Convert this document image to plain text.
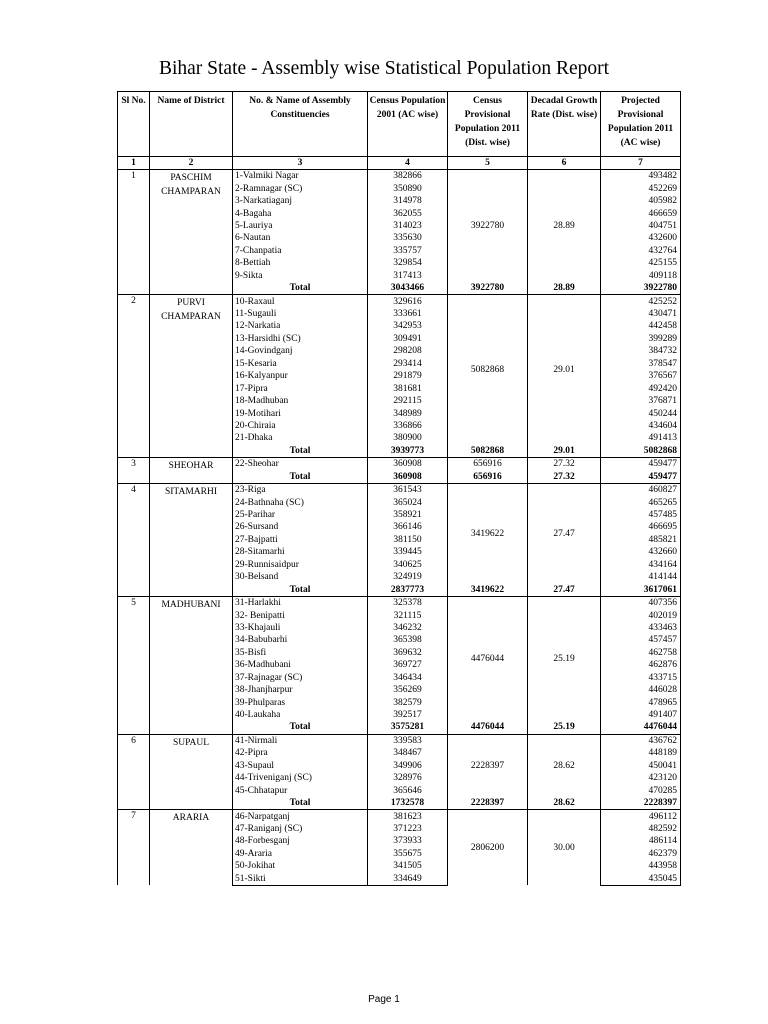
Bihar State - Assembly wise Statistical Population Report
Sl No.	Name of District	No. & Name of Assembly Constituencies	Census Population 2001 (AC wise)	Census Provisional Population 2011 (Dist. wise)	Decadal Growth Rate (Dist. wise)	Projected Provisional Population 2011 (AC wise)
1	2	3	4	5	6	7
1	PASCHIM CHAMPARAN	1-Valmiki Nagar	382866	3922780	28.89	493482
		2-Ramnagar (SC)	350890			452269
		3-Narkatiaganj	314978			405982
		4-Bagaha	362055			466659
		5-Lauriya	314023			404751
		6-Nautan	335630			432600
		7-Chanpatia	335757			432764
		8-Bettiah	329854			425155
		9-Sikta	317413			409118
		Total	3043466	3922780	28.89	3922780
2	PURVI CHAMPARAN	10-Raxaul	329616	5082868	29.01	425252
		11-Sugauli	333661			430471
		12-Narkatia	342953			442458
		13-Harsidhi (SC)	309491			399289
		14-Govindganj	298208			384732
		15-Kesaria	293414			378547
		16-Kalyanpur	291879			376567
		17-Pipra	381681			492420
		18-Madhuban	292115			376871
		19-Motihari	348989			450244
		20-Chiraia	336866			434604
		21-Dhaka	380900			491413
		Total	3939773	5082868	29.01	5082868
3	SHEOHAR	22-Sheohar	360908	656916	27.32	459477
		Total	360908	656916	27.32	459477
4	SITAMARHI	23-Riga	361543	3419622	27.47	460827
		24-Bathnaha (SC)	365024			465265
		25-Parihar	358921			457485
		26-Sursand	366146			466695
		27-Bajpatti	381150			485821
		28-Sitamarhi	339445			432660
		29-Runnisaidpur	340625			434164
		30-Belsand	324919			414144
		Total	2837773	3419622	27.47	3617061
5	MADHUBANI	31-Harlakhi	325378	4476044	25.19	407356
		32- Benipatti	321115			402019
		33-Khajauli	346232			433463
		34-Babubarhi	365398			457457
		35-Bisfi	369632			462758
		36-Madhubani	369727			462876
		37-Rajnagar (SC)	346434			433715
		38-Jhanjharpur	356269			446028
		39-Phulparas	382579			478965
		40-Laukaha	392517			491407
		Total	3575281	4476044	25.19	4476044
6	SUPAUL	41-Nirmali	339583	2228397	28.62	436762
		42-Pipra	348467			448189
		43-Supaul	349906			450041
		44-Triveniganj (SC)	328976			423120
		45-Chhatapur	365646			470285
		Total	1732578	2228397	28.62	2228397
7	ARARIA	46-Narpatganj	381623	2806200	30.00	496112
		47-Raniganj (SC)	371223			482592
		48-Forbesganj	373933			486114
		49-Araria	355675			462379
		50-Jokihat	341505			443958
		51-Sikti	334649			435045
Page 1
